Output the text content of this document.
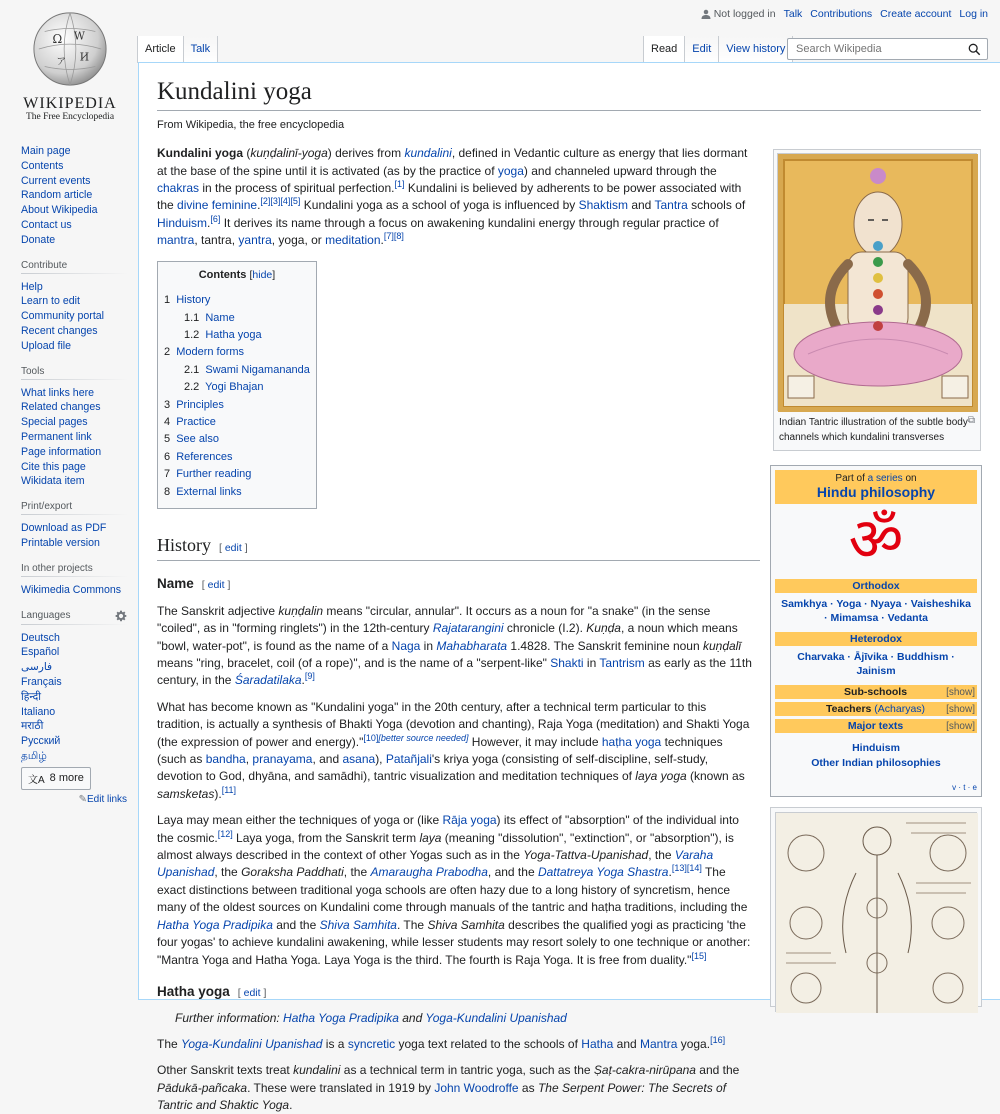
Ω W
И
ア
WIKIPEDIA
The Free Encyclopedia
Main page
Contents
Current events
Random article
About Wikipedia
Contact us
Donate
Contribute
Help
Learn to edit
Community portal
Recent changes
Upload file
Tools
What links here
Related changes
Special pages
Permanent link
Page information
Cite this page
Wikidata item
Print/export
Download as PDF
Printable version
In other projects
Wikimedia Commons
Languages
Deutsch
Español
فارسی
Français
हिन्दी
Italiano
मराठी
Русский
தமிழ்
文A 8 more
✎Edit links
Not logged in Talk Contributions Create account Log in
Article	Talk	Read	Edit	View history
Search Wikipedia
Kundalini yoga
From Wikipedia, the free encyclopedia

Kundalini yoga (kuṇḍalinī-yoga) derives from kundalini, defined in Vedantic culture as energy that lies dormant at the base of the spine until it is activated (as by the practice of yoga) and channeled upward through the chakras in the process of spiritual perfection.[1] Kundalini is believed by adherents to be power associated with the divine feminine.[2][3][4][5] Kundalini yoga as a school of yoga is influenced by Shaktism and Tantra schools of Hinduism.[6] It derives its name through a focus on awakening kundalini energy through regular practice of mantra, tantra, yantra, yoga, or meditation.[7][8]

Contents [hide]
1 History
1.1 Name
1.2 Hatha yoga
2 Modern forms
2.1 Swami Nigamananda
2.2 Yogi Bhajan
3 Principles
4 Practice
5 See also
6 References
7 Further reading
8 External links
History [ edit ]
Name [ edit ]

The Sanskrit adjective kuṇḍalin means "circular, annular". It occurs as a noun for "a snake" (in the sense "coiled", as in "forming ringlets") in the 12th-century Rajatarangini chronicle (I.2). Kuṇḍa, a noun which means "bowl, water-pot", is found as the name of a Naga in Mahabharata 1.4828. The Sanskrit feminine noun kuṇḍalī means "ring, bracelet, coil (of a rope)", and is the name of a "serpent-like" Shakti in Tantrism as early as the 11th century, in the Śaradatilaka.[9]

What has become known as "Kundalini yoga" in the 20th century, after a technical term particular to this tradition, is actually a synthesis of Bhakti Yoga (devotion and chanting), Raja Yoga (meditation) and Shakti Yoga (the expression of power and energy)."[10][better source needed] However, it may include haṭha yoga techniques (such as bandha, pranayama, and asana), Patañjali's kriya yoga (consisting of self-discipline, self-study, devotion to God, dhyāna, and samādhi), tantric visualization and meditation techniques of laya yoga (known as samsketas).[11]

Laya may mean either the techniques of yoga or (like Rāja yoga) its effect of "absorption" of the individual into the cosmic.[12] Laya yoga, from the Sanskrit term laya (meaning "dissolution", "extinction", or "absorption"), is almost always described in the context of other Yogas such as in the Yoga-Tattva-Upanishad, the Varaha Upanishad, the Goraksha Paddhati, the Amaraugha Prabodha, and the Dattatreya Yoga Shastra.[13][14] The exact distinctions between traditional yoga schools are often hazy due to a long history of syncretism, hence many of the oldest sources on Kundalini come through manuals of the tantric and haṭha traditions, including the Hatha Yoga Pradipika and the Shiva Samhita. The Shiva Samhita describes the qualified yogi as practicing 'the four yogas' to achieve kundalini awakening, while lesser students may resort solely to one technique or another: "Mantra Yoga and Hatha Yoga. Laya Yoga is the third. The fourth is Raja Yoga. It is free from duality."[15]

Hatha yoga [ edit ]
Further information: Hatha Yoga Pradipika and Yoga-Kundalini Upanishad

The Yoga-Kundalini Upanishad is a syncretic yoga text related to the schools of Hatha and Mantra yoga.[16]

Other Sanskrit texts treat kundalini as a technical term in tantric yoga, such as the Ṣaṭ-cakra-nirūpana and the Pādukā-pañcaka. These were translated in 1919 by John Woodroffe as The Serpent Power: The Secrets of Tantric and Shaktic Yoga.

Indian Tantric illustration of the subtle body channels which kundalini transverses
⧉
Part of a series on
Hindu philosophy
ॐ
Orthodox
Samkhya · Yoga · Nyaya · Vaisheshika · Mimamsa · Vedanta
Heterodox
Charvaka · Ājīvika · Buddhism · Jainism
Sub-schools	[show]
Teachers (Acharyas)	[show]
Major texts	[show]
Hinduism
Other Indian philosophies
v · t · e
